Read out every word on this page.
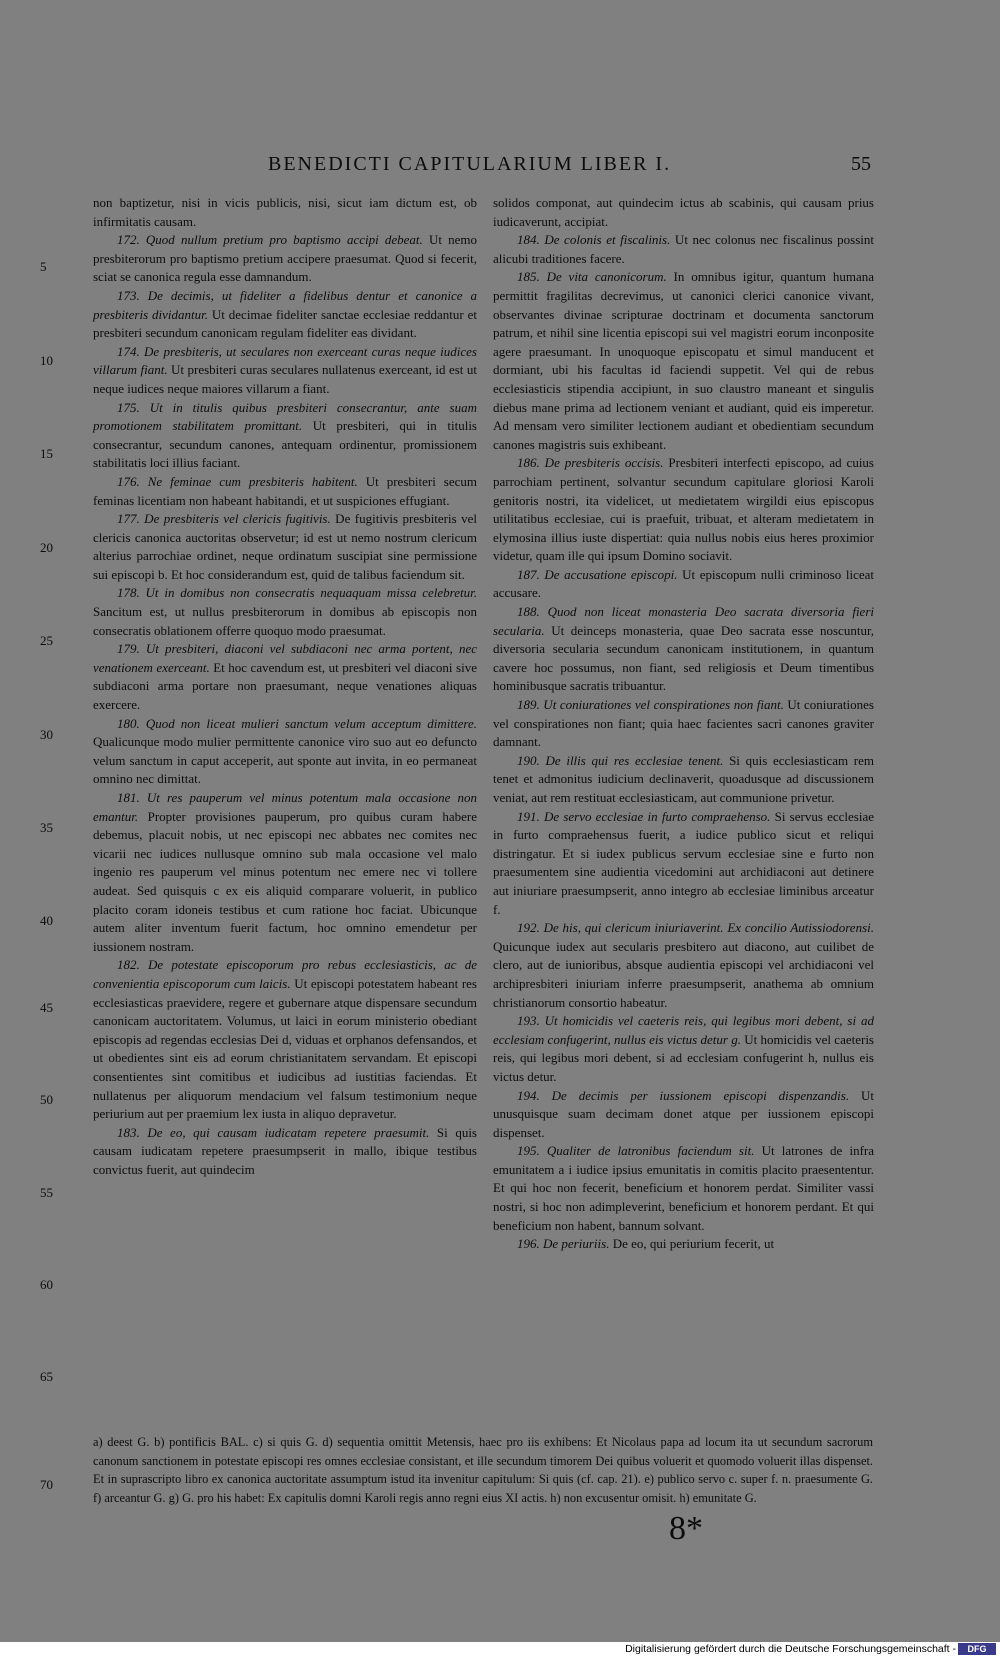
BENEDICTI CAPITULARIUM LIBER I.	55
5
10
15
20
25
30
35
40
45
50
55
60
65
70

non baptizetur, nisi in vicis publicis, nisi, sicut iam dictum est, ob infirmitatis causam.

172. Quod nullum pretium pro baptismo accipi debeat. Ut nemo presbiterorum pro baptismo pretium accipere praesumat. Quod si fecerit, sciat se canonica regula esse damnandum.

173. De decimis, ut fideliter a fidelibus dentur et canonice a presbiteris dividantur. Ut decimae fideliter sanctae ecclesiae reddantur et presbiteri secundum canonicam regulam fideliter eas dividant.

174. De presbiteris, ut seculares non exerceant curas neque iudices villarum fiant. Ut presbiteri curas seculares nullatenus exerceant, id est ut neque iudices neque maiores villarum a fiant.

175. Ut in titulis quibus presbiteri consecrantur, ante suam promotionem stabilitatem promittant. Ut presbiteri, qui in titulis consecrantur, secundum canones, antequam ordinentur, promissionem stabilitatis loci illius faciant.

176. Ne feminae cum presbiteris habitent. Ut presbiteri secum feminas licentiam non habeant habitandi, et ut suspiciones effugiant.

177. De presbiteris vel clericis fugitivis. De fugitivis presbiteris vel clericis canonica auctoritas observetur; id est ut nemo nostrum clericum alterius parrochiae ordinet, neque ordinatum suscipiat sine permissione sui episcopi b. Et hoc considerandum est, quid de talibus faciendum sit.

178. Ut in domibus non consecratis nequaquam missa celebretur. Sancitum est, ut nullus presbiterorum in domibus ab episcopis non consecratis oblationem offerre quoquo modo praesumat.

179. Ut presbiteri, diaconi vel subdiaconi nec arma portent, nec venationem exerceant. Et hoc cavendum est, ut presbiteri vel diaconi sive subdiaconi arma portare non praesumant, neque venationes aliquas exercere.

180. Quod non liceat mulieri sanctum velum acceptum dimittere. Qualicunque modo mulier permittente canonice viro suo aut eo defuncto velum sanctum in caput acceperit, aut sponte aut invita, in eo permaneat omnino nec dimittat.

181. Ut res pauperum vel minus potentum mala occasione non emantur. Propter provisiones pauperum, pro quibus curam habere debemus, placuit nobis, ut nec episcopi nec abbates nec comites nec vicarii nec iudices nullusque omnino sub mala occasione vel malo ingenio res pauperum vel minus potentum nec emere nec vi tollere audeat. Sed quisquis c ex eis aliquid comparare voluerit, in publico placito coram idoneis testibus et cum ratione hoc faciat. Ubicunque autem aliter inventum fuerit factum, hoc omnino emendetur per iussionem nostram.

182. De potestate episcoporum pro rebus ecclesiasticis, ac de convenientia episcoporum cum laicis. Ut episcopi potestatem habeant res ecclesiasticas praevidere, regere et gubernare atque dispensare secundum canonicam auctoritatem. Volumus, ut laici in eorum ministerio obediant episcopis ad regendas ecclesias Dei d, viduas et orphanos defensandos, et ut obedientes sint eis ad eorum christianitatem servandam. Et episcopi consentientes sint comitibus et iudicibus ad iustitias faciendas. Et nullatenus per aliquorum mendacium vel falsum testimonium neque periurium aut per praemium lex iusta in aliquo depravetur.

183. De eo, qui causam iudicatam repetere praesumit. Si quis causam iudicatam repetere praesumpserit in mallo, ibique testibus convictus fuerit, aut quindecim

solidos componat, aut quindecim ictus ab scabinis, qui causam prius iudicaverunt, accipiat.

184. De colonis et fiscalinis. Ut nec colonus nec fiscalinus possint alicubi traditiones facere.

185. De vita canonicorum. In omnibus igitur, quantum humana permittit fragilitas decrevimus, ut canonici clerici canonice vivant, observantes divinae scripturae doctrinam et documenta sanctorum patrum, et nihil sine licentia episcopi sui vel magistri eorum inconposite agere praesumant. In unoquoque episcopatu et simul manducent et dormiant, ubi his facultas id faciendi suppetit. Vel qui de rebus ecclesiasticis stipendia accipiunt, in suo claustro maneant et singulis diebus mane prima ad lectionem veniant et audiant, quid eis imperetur. Ad mensam vero similiter lectionem audiant et obedientiam secundum canones magistris suis exhibeant.

186. De presbiteris occisis. Presbiteri interfecti episcopo, ad cuius parrochiam pertinent, solvantur secundum capitulare gloriosi Karoli genitoris nostri, ita videlicet, ut medietatem wirgildi eius episcopus utilitatibus ecclesiae, cui is praefuit, tribuat, et alteram medietatem in elymosina illius iuste dispertiat: quia nullus nobis eius heres proximior videtur, quam ille qui ipsum Domino sociavit.

187. De accusatione episcopi. Ut episcopum nulli criminoso liceat accusare.

188. Quod non liceat monasteria Deo sacrata diversoria fieri secularia. Ut deinceps monasteria, quae Deo sacrata esse noscuntur, diversoria secularia secundum canonicam institutionem, in quantum cavere hoc possumus, non fiant, sed religiosis et Deum timentibus hominibusque sacratis tribuantur.

189. Ut coniurationes vel conspirationes non fiant. Ut coniurationes vel conspirationes non fiant; quia haec facientes sacri canones graviter damnant.

190. De illis qui res ecclesiae tenent. Si quis ecclesiasticam rem tenet et admonitus iudicium declinaverit, quoadusque ad discussionem veniat, aut rem restituat ecclesiasticam, aut communione privetur.

191. De servo ecclesiae in furto compraehenso. Si servus ecclesiae in furto compraehensus fuerit, a iudice publico sicut et reliqui distringatur. Et si iudex publicus servum ecclesiae sine e furto non praesumentem sine audientia vicedomini aut archidiaconi aut detinere aut iniuriare praesumpserit, anno integro ab ecclesiae liminibus arceatur f.

192. De his, qui clericum iniuriaverint. Ex concilio Autissiodorensi. Quicunque iudex aut secularis presbitero aut diacono, aut cuilibet de clero, aut de iunioribus, absque audientia episcopi vel archidiaconi vel archipresbiteri iniuriam inferre praesumpserit, anathema ab omnium christianorum consortio habeatur.

193. Ut homicidis vel caeteris reis, qui legibus mori debent, si ad ecclesiam confugerint, nullus eis victus detur g. Ut homicidis vel caeteris reis, qui legibus mori debent, si ad ecclesiam confugerint h, nullus eis victus detur.

194. De decimis per iussionem episcopi dispenzandis. Ut unusquisque suam decimam donet atque per iussionem episcopi dispenset.

195. Qualiter de latronibus faciendum sit. Ut latrones de infra emunitatem a i iudice ipsius emunitatis in comitis placito praesententur. Et qui hoc non fecerit, beneficium et honorem perdat. Similiter vassi nostri, si hoc non adimpleverint, beneficium et honorem perdant. Et qui beneficium non habent, bannum solvant.

196. De periuriis. De eo, qui periurium fecerit, ut

a) deest G. b) pontificis BAL. c) si quis G. d) sequentia omittit Metensis, haec pro iis exhibens: Et Nicolaus papa ad locum ita ut secundum sacrorum canonum sanctionem in potestate episcopi res omnes ecclesiae consistant, et ille secundum timorem Dei quibus voluerit et quomodo voluerit illas dispenset. Et in suprascripto libro ex canonica auctoritate assumptum istud ita invenitur capitulum: Si quis (cf. cap. 21). e) publico servo c. super f. n. praesumente G. f) arceantur G. g) G. pro his habet: Ex capitulis domni Karoli regis anno regni eius XI actis. h) non excusentur omisit. h) emunitate G.
8*
Digitalisierung gefördert durch die Deutsche Forschungsgemeinschaft -	DFG
